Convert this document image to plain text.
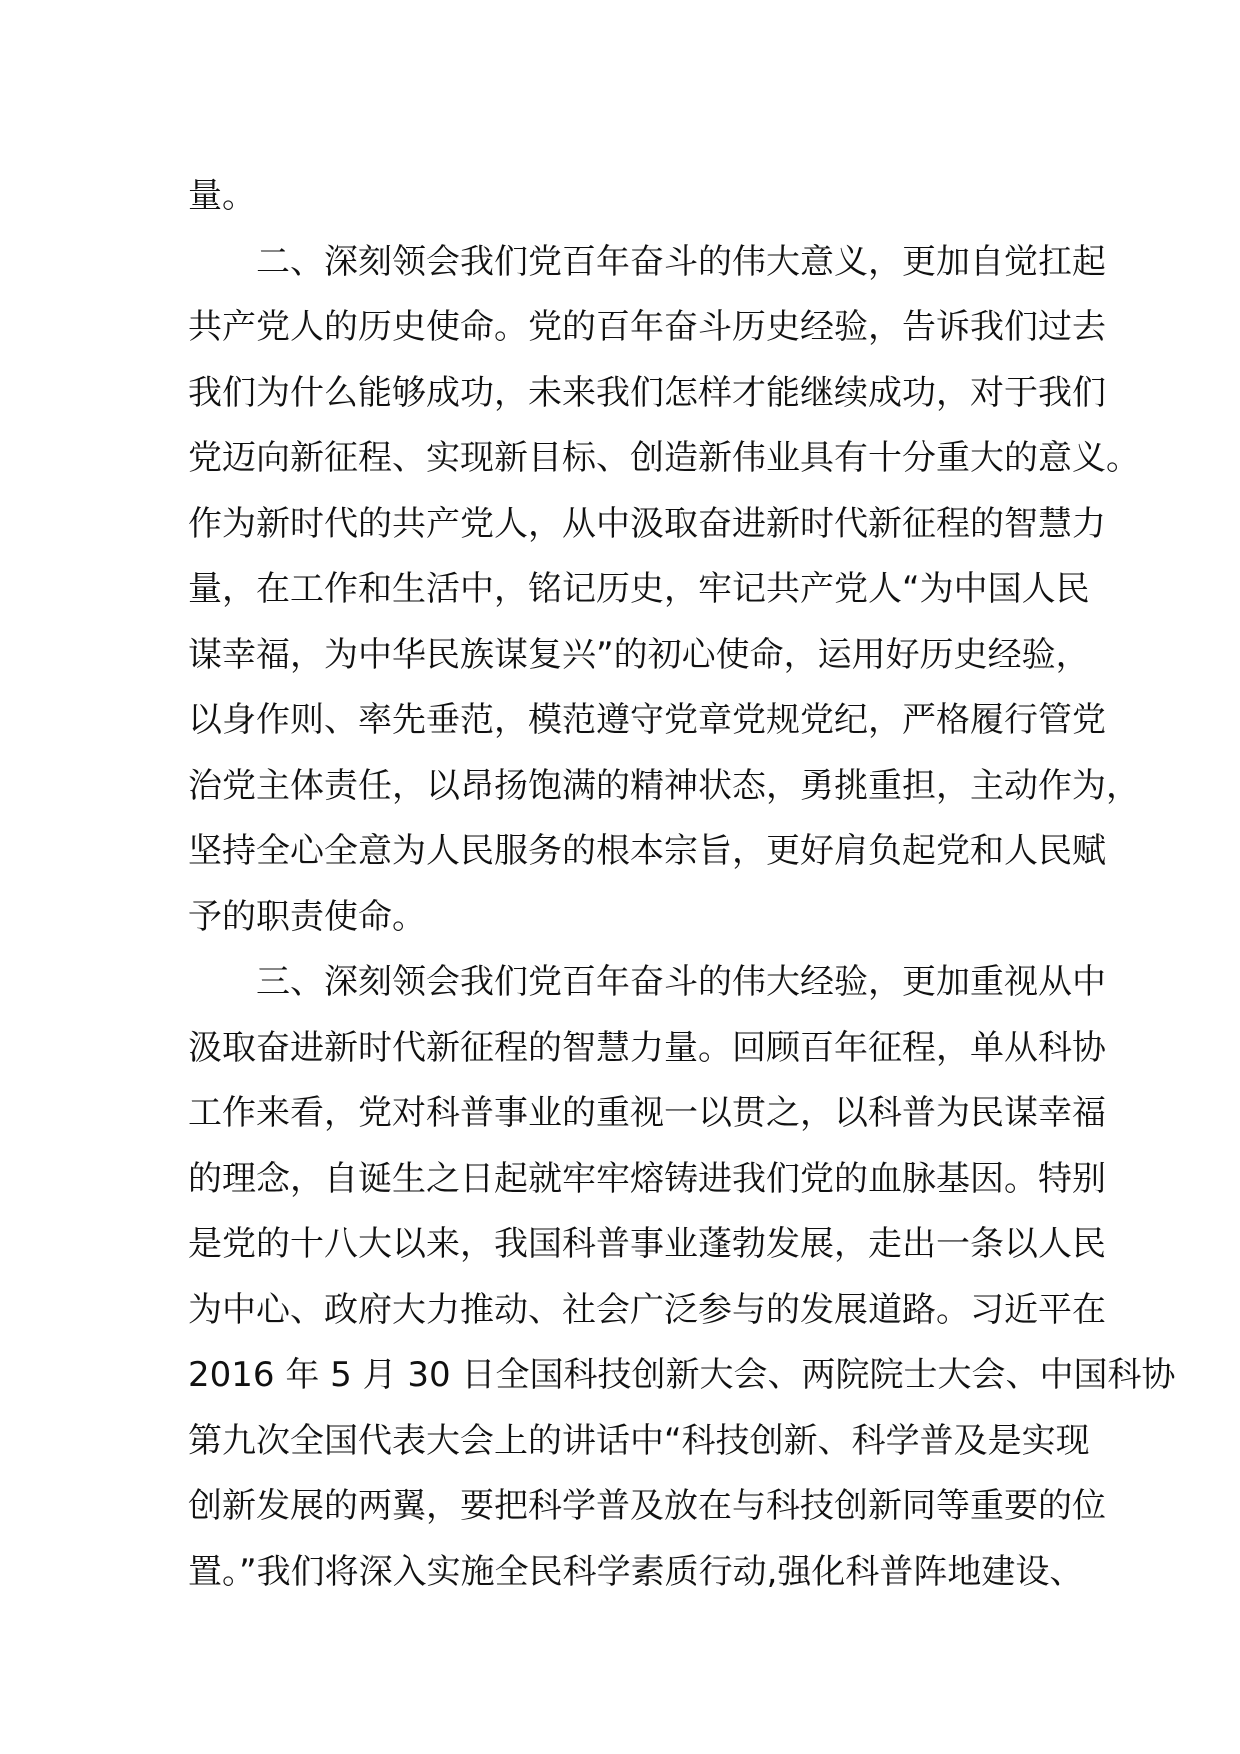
量。
二、深刻领会我们党百年奋斗的伟大意义，更加自觉扛起
共产党人的历史使命。党的百年奋斗历史经验，告诉我们过去
我们为什么能够成功，未来我们怎样才能继续成功，对于我们
党迈向新征程、实现新目标、创造新伟业具有十分重大的意义。
作为新时代的共产党人，从中汲取奋进新时代新征程的智慧力
量，在工作和生活中，铭记历史，牢记共产党人“为中国人民
谋幸福，为中华民族谋复兴”的初心使命，运用好历史经验，
以身作则、率先垂范，模范遵守党章党规党纪，严格履行管党
治党主体责任，以昂扬饱满的精神状态，勇挑重担，主动作为，
坚持全心全意为人民服务的根本宗旨，更好肩负起党和人民赋
予的职责使命。
三、深刻领会我们党百年奋斗的伟大经验，更加重视从中
汲取奋进新时代新征程的智慧力量。回顾百年征程，单从科协
工作来看，党对科普事业的重视一以贯之，以科普为民谋幸福
的理念，自诞生之日起就牢牢熔铸进我们党的血脉基因。特别
是党的十八大以来，我国科普事业蓬勃发展，走出一条以人民
为中心、政府大力推动、社会广泛参与的发展道路。习近平在
2016 年 5 月 30 日全国科技创新大会、两院院士大会、中国科协
第九次全国代表大会上的讲话中“科技创新、科学普及是实现
创新发展的两翼，要把科学普及放在与科技创新同等重要的位
置。”我们将深入实施全民科学素质行动,强化科普阵地建设、
